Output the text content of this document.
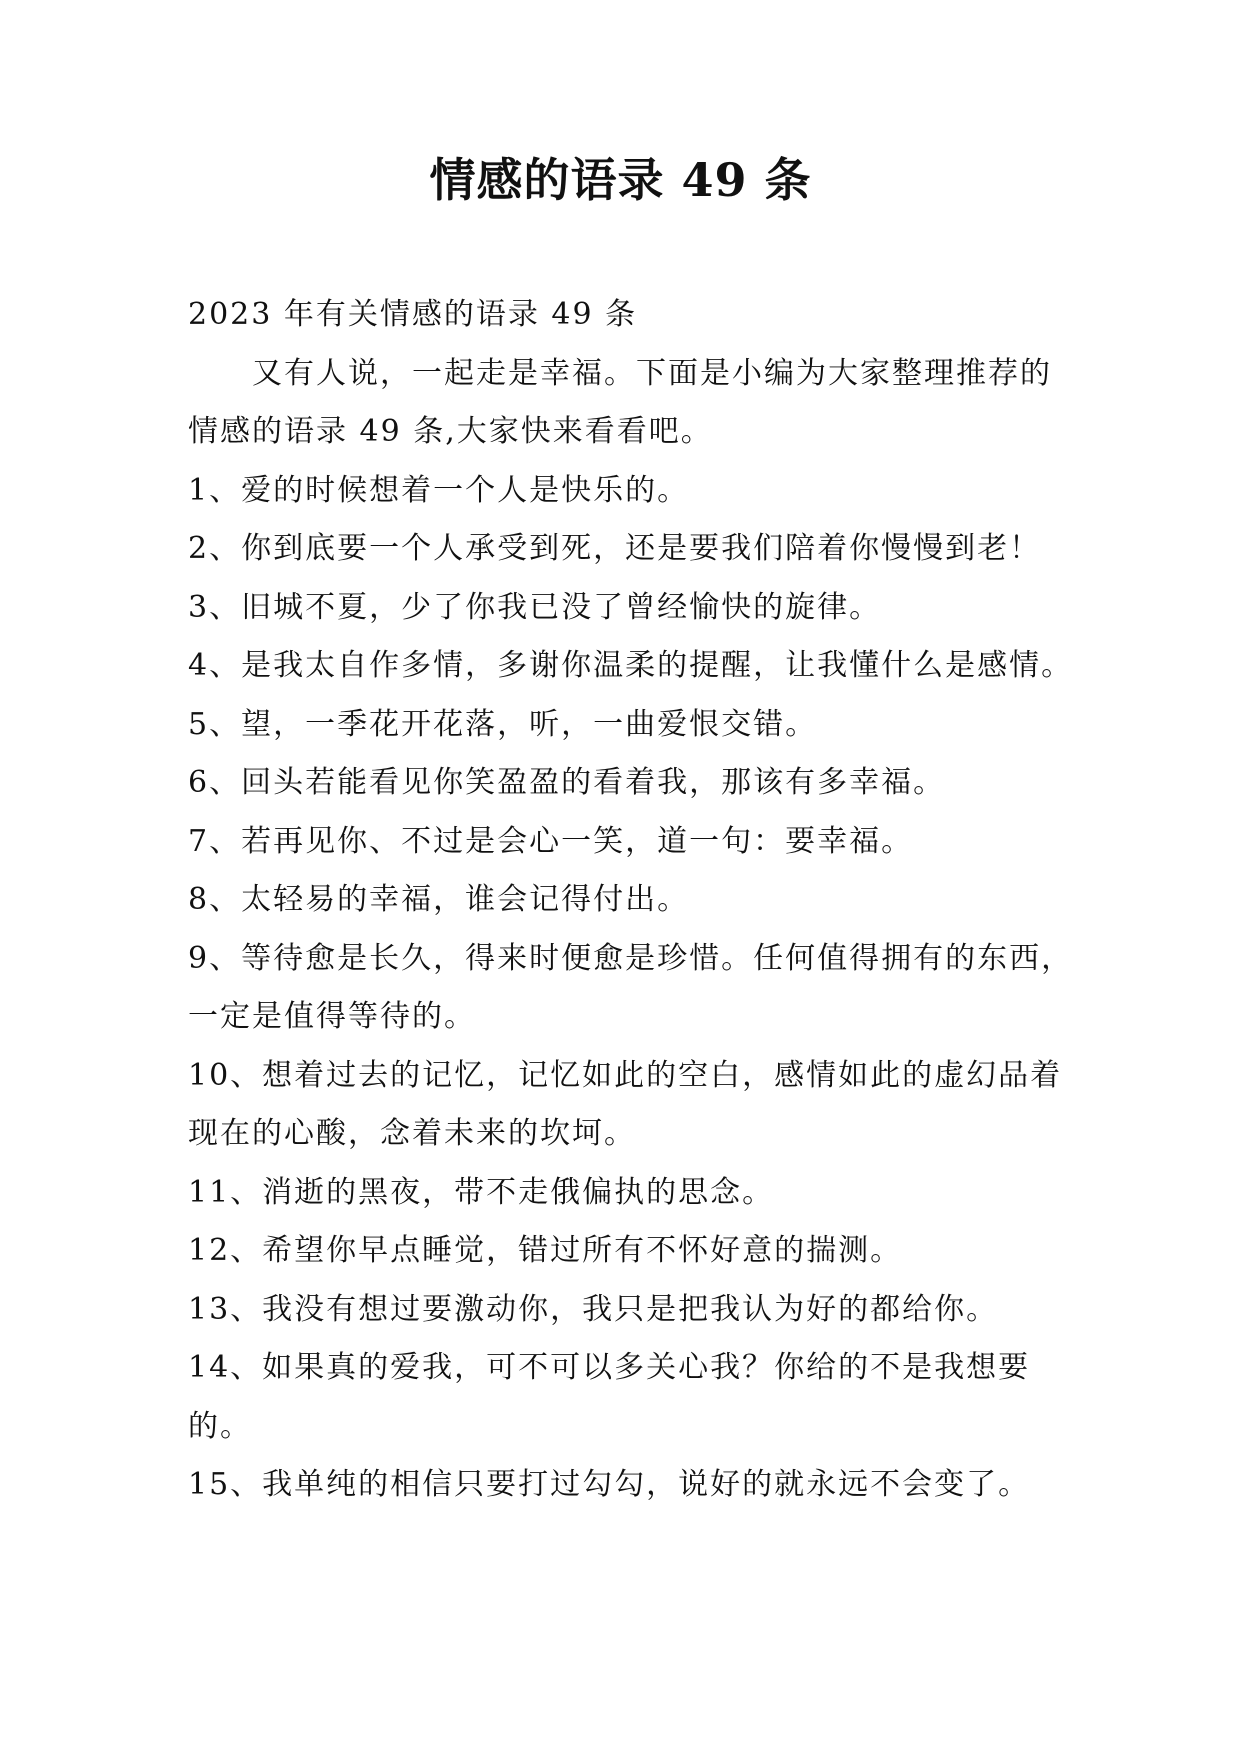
情感的语录 49 条

2023 年有关情感的语录 49 条

又有人说，一起走是幸福。下面是小编为大家整理推荐的情感的语录 49 条,大家快来看看吧。

1、爱的时候想着一个人是快乐的。

2、你到底要一个人承受到死，还是要我们陪着你慢慢到老！

3、旧城不夏，少了你我已没了曾经愉快的旋律。

4、是我太自作多情，多谢你温柔的提醒，让我懂什么是感情。

5、望，一季花开花落，听，一曲爱恨交错。

6、回头若能看见你笑盈盈的看着我，那该有多幸福。

7、若再见你、不过是会心一笑，道一句：要幸福。

8、太轻易的幸福，谁会记得付出。

9、等待愈是长久，得来时便愈是珍惜。任何值得拥有的东西，一定是值得等待的。

10、想着过去的记忆，记忆如此的空白，感情如此的虚幻品着现在的心酸，念着未来的坎坷。

11、消逝的黑夜，带不走俄偏执的思念。

12、希望你早点睡觉，错过所有不怀好意的揣测。

13、我没有想过要激动你，我只是把我认为好的都给你。

14、如果真的爱我，可不可以多关心我？你给的不是我想要的。

15、我单纯的相信只要打过勾勾，说好的就永远不会变了。
